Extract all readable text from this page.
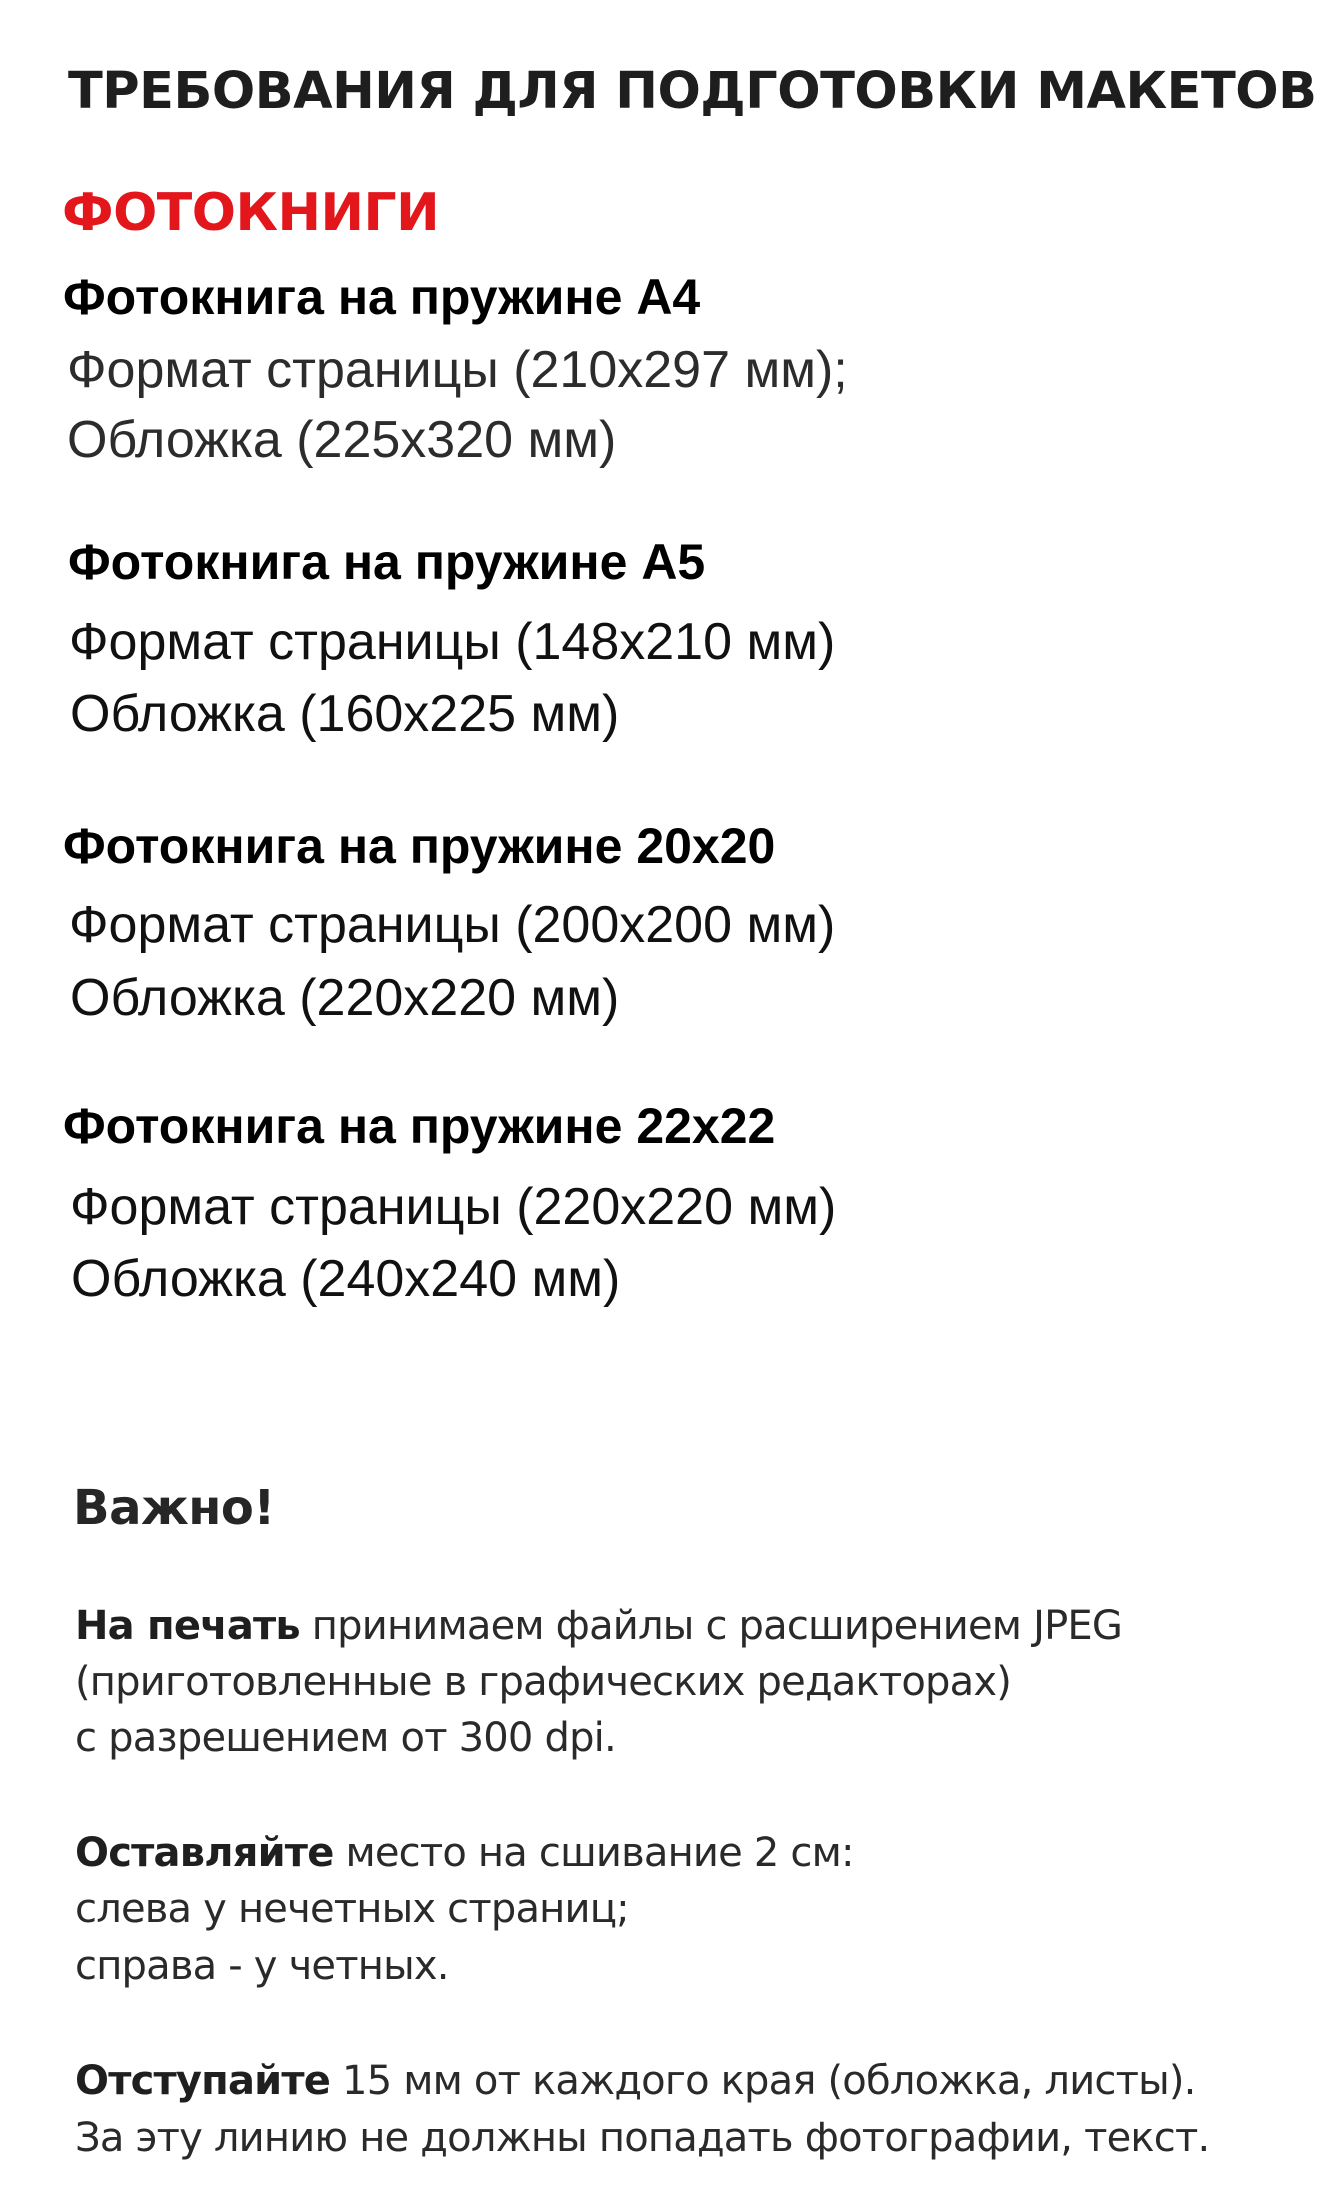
ТРЕБОВАНИЯ ДЛЯ ПОДГОТОВКИ МАКЕТОВ
ФОТОКНИГИ
Фотокнига на пружине А4
Формат страницы (210х297 мм);
Обложка (225х320 мм)
Фотокнига на пружине А5
Формат страницы (148х210 мм)
Обложка (160х225 мм)
Фотокнига на пружине 20х20
Формат страницы (200х200 мм)
Обложка (220х220 мм)
Фотокнига на пружине 22х22
Формат страницы (220х220 мм)
Обложка (240х240 мм)
Важно!
На печать принимаем файлы с расширением JPEG
(приготовленные в графических редакторах)
с разрешением от 300 dpi.
Оставляйте место на сшивание 2 см:
слева у нечетных страниц;
справа - у четных.
Отступайте 15 мм от каждого края (обложка, листы).
За эту линию не должны попадать фотографии, текст.
